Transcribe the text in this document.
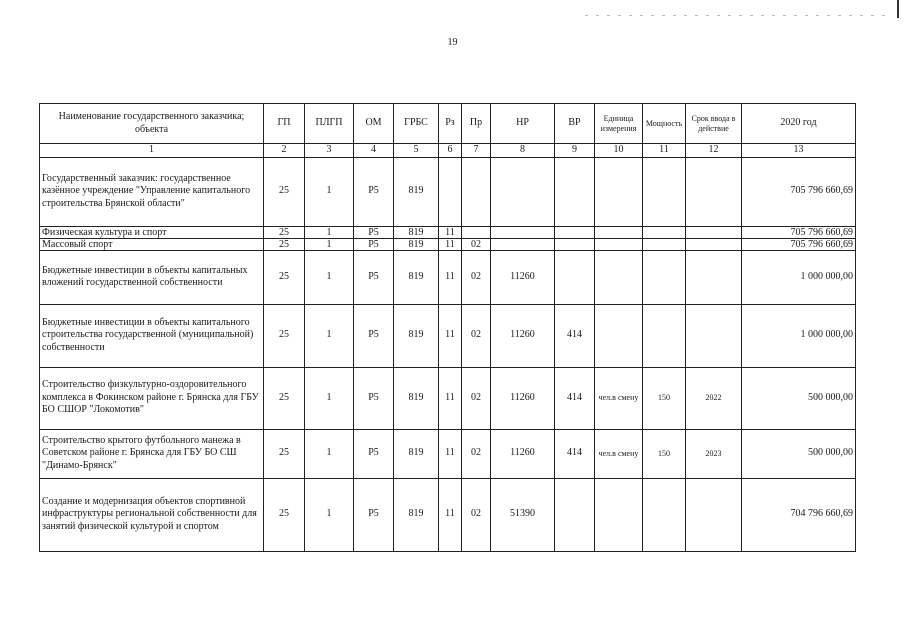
19
Наименование государственного заказчика; объекта	ГП	ПЛГП	ОМ	ГРБС	Рз	Пр	НР	ВР	Единица измерения	Мощность	Срок ввода в действие	2020 год
1	2	3	4	5	6	7	8	9	10	11	12	13
Государственный заказчик: государственное казённое учреждение "Управление капитального строительства Брянской области"	25	1	Р5	819								705 796 660,69
Физическая культура и спорт	25	1	Р5	819	11							705 796 660,69
Массовый спорт	25	1	Р5	819	11	02						705 796 660,69
Бюджетные инвестиции в объекты капитальных вложений государственной собственности	25	1	Р5	819	11	02	11260					1 000 000,00
Бюджетные инвестиции в объекты капитального строительства государственной (муниципальной) собственности	25	1	Р5	819	11	02	11260	414				1 000 000,00
Строительство физкультурно-оздоровительного комплекса в Фокинском районе г. Брянска для ГБУ БО СШОР "Локомотив"	25	1	Р5	819	11	02	11260	414	чел.в смену	150	2022	500 000,00
Строительство крытого футбольного манежа в Советском районе г. Брянска для ГБУ БО СШ "Динамо-Брянск"	25	1	Р5	819	11	02	11260	414	чел.в смену	150	2023	500 000,00
Создание и модернизация объектов спортивной инфраструктуры региональной собственности для занятий физической культурой и спортом	25	1	Р5	819	11	02	51390					704 796 660,69
